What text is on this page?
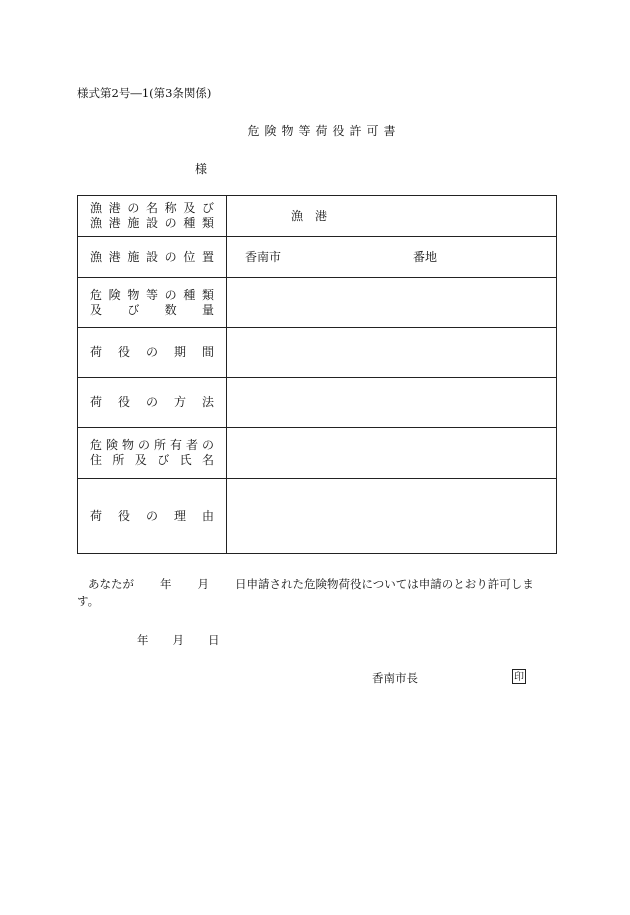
様式第2号―1(第3条関係)
危険物等荷役許可書
様
漁港の名称及び
漁港施設の種類	漁港

漁港施設の位置	香南市 番地

危険物等の種類
及び数量	

荷役の期間	

荷役の方法	

危険物の所有者の
住所及び氏名	

荷役の理由	

あなたが 年 月 日申請された危険物荷役については申請のとおり許可します。
年 月 日
香南市長	印
